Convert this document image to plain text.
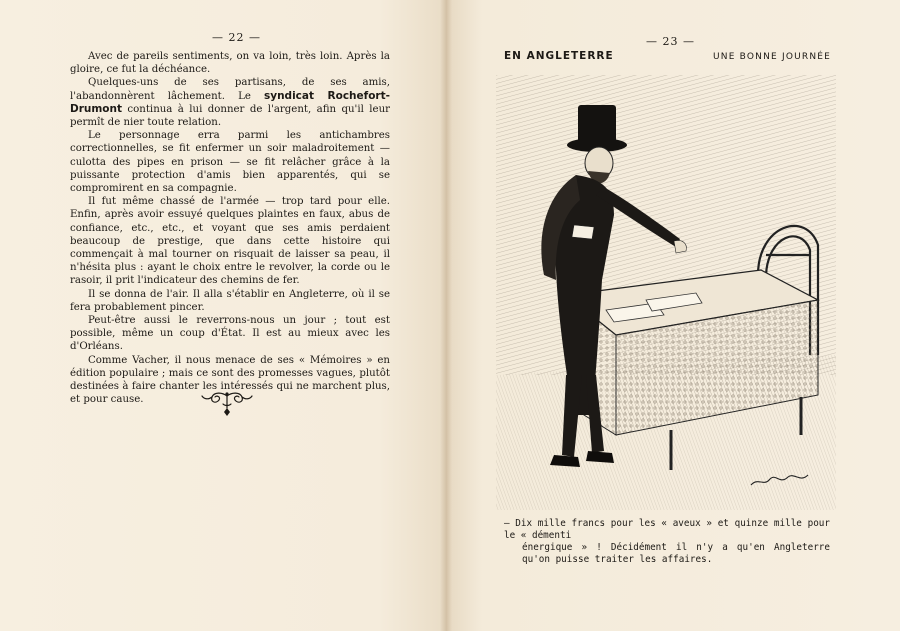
— 22 —

Avec de pareils sentiments, on va loin, très loin. Après la gloire, ce fut la déchéance.

Quelques-uns de ses partisans, de ses amis, l'abandonnèrent lâchement. Le syndicat Rochefort-Drumont continua à lui donner de l'argent, afin qu'il leur permît de nier toute relation.

Le personnage erra parmi les antichambres correctionnelles, se fit enfermer un soir maladroitement — culotta des pipes en prison — se fit relâcher grâce à la puissante protection d'amis bien apparentés, qui se compromirent en sa compagnie.

Il fut même chassé de l'armée — trop tard pour elle. Enfin, après avoir essuyé quelques plaintes en faux, abus de confiance, etc., etc., et voyant que ses amis perdaient beaucoup de prestige, que dans cette histoire qui commençait à mal tourner on risquait de laisser sa peau, il n'hésita plus : ayant le choix entre le revolver, la corde ou le rasoir, il prit l'indicateur des chemins de fer.

Il se donna de l'air. Il alla s'établir en Angleterre, où il se fera probablement pincer.

Peut-être aussi le reverrons-nous un jour ; tout est possible, même un coup d'État. Il est au mieux avec les d'Orléans.

Comme Vacher, il nous menace de ses « Mémoires » en édition populaire ; mais ce sont des promesses vagues, plutôt destinées à faire chanter les intéressés qui ne marchent plus, et pour cause.

— 23 —
EN ANGLETERRE	UNE BONNE JOURNÉE
— Dix mille francs pour les « aveux » et quinze mille pour le « démenti
énergique » ! Décidément il n'y a qu'en Angleterre qu'on puisse traiter les affaires.
